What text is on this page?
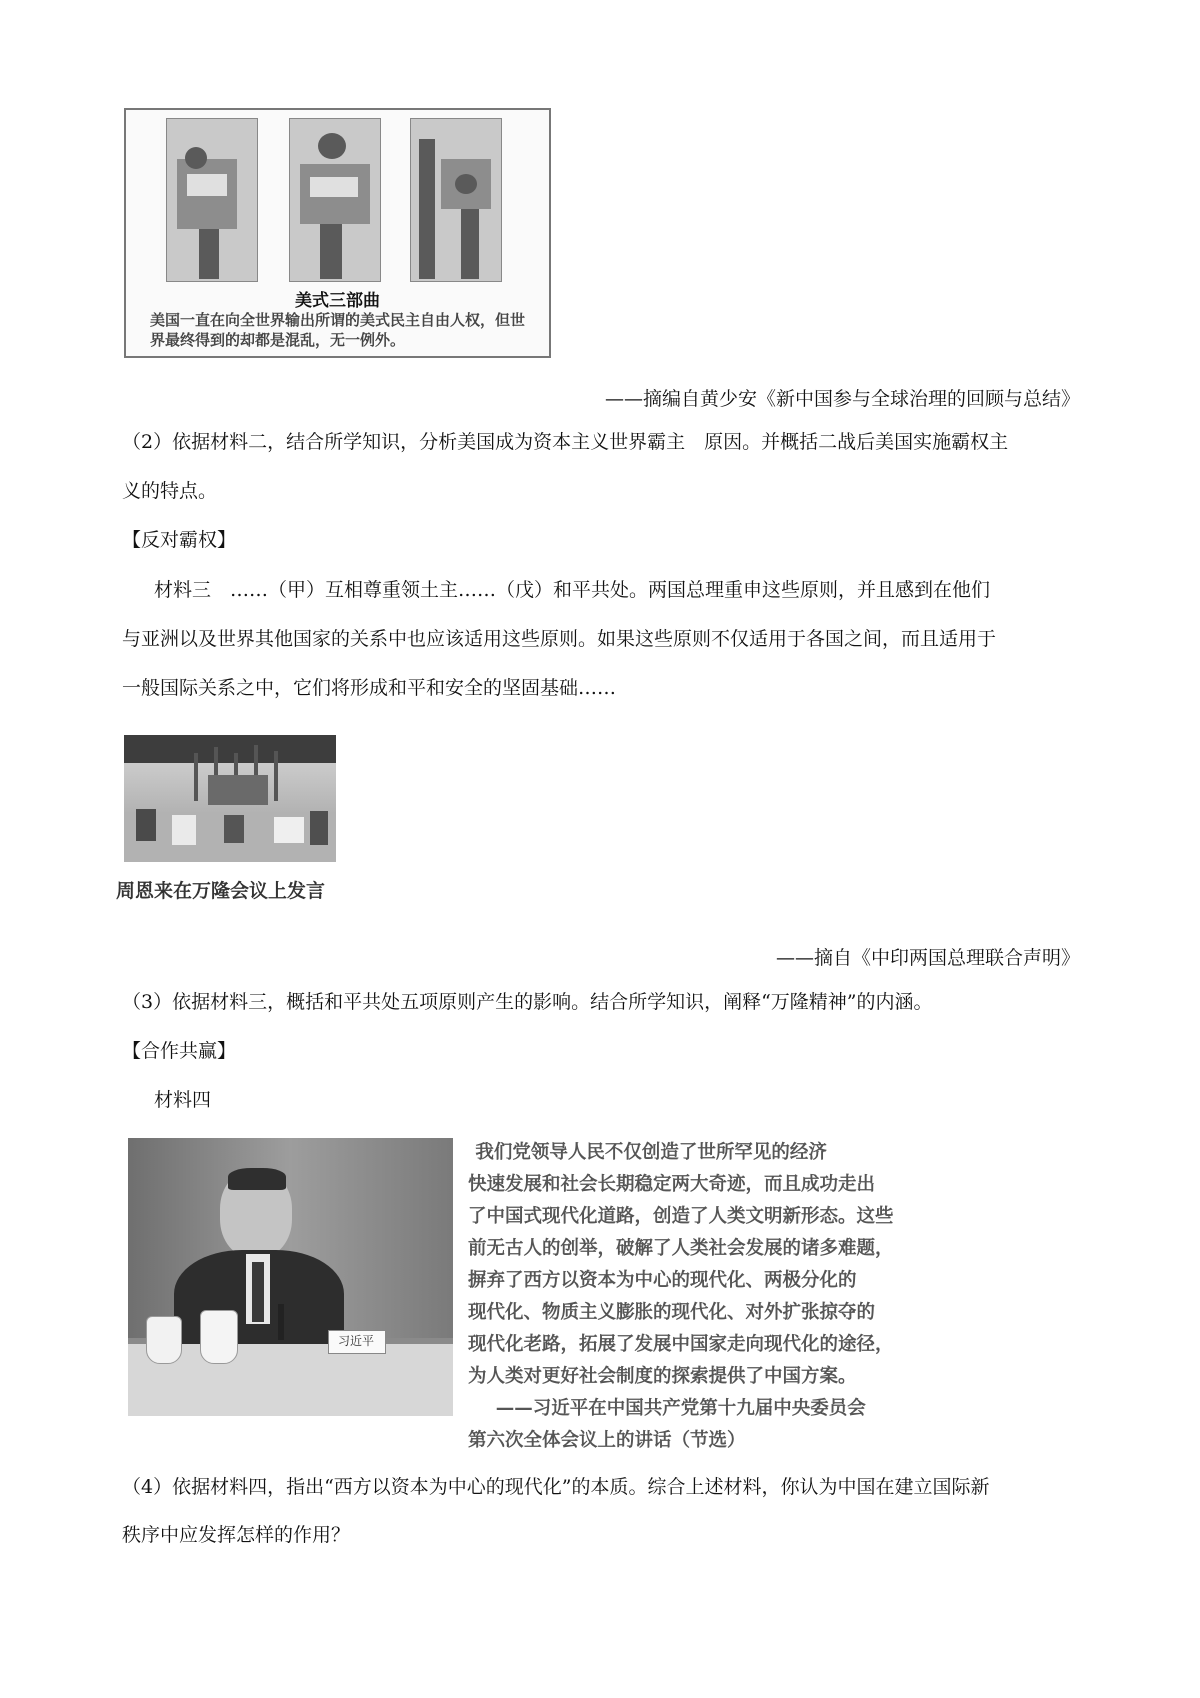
美式三部曲
美国一直在向全世界输出所谓的美式民主自由人权，但世界最终得到的却都是混乱，无一例外。
——摘编自黄少安《新中国参与全球治理的回顾与总结》
（2）依据材料二，结合所学知识，分析美国成为资本主义世界霸主　原因。并概括二战后美国实施霸权主
义的特点。
【反对霸权】
材料三　……（甲）互相尊重领土主……（戊）和平共处。两国总理重申这些原则，并且感到在他们
与亚洲以及世界其他国家的关系中也应该适用这些原则。如果这些原则不仅适用于各国之间，而且适用于
一般国际关系之中，它们将形成和平和安全的坚固基础……
周恩来在万隆会议上发言
——摘自《中印两国总理联合声明》
（3）依据材料三，概括和平共处五项原则产生的影响。结合所学知识，阐释“万隆精神”的内涵。
【合作共赢】
材料四
习近平
我们党领导人民不仅创造了世所罕见的经济
快速发展和社会长期稳定两大奇迹，而且成功走出
了中国式现代化道路，创造了人类文明新形态。这些
前无古人的创举，破解了人类社会发展的诸多难题，
摒弃了西方以资本为中心的现代化、两极分化的
现代化、物质主义膨胀的现代化、对外扩张掠夺的
现代化老路，拓展了发展中国家走向现代化的途径，
为人类对更好社会制度的探索提供了中国方案。
——习近平在中国共产党第十九届中央委员会
第六次全体会议上的讲话（节选）
（4）依据材料四，指出“西方以资本为中心的现代化”的本质。综合上述材料，你认为中国在建立国际新
秩序中应发挥怎样的作用？
